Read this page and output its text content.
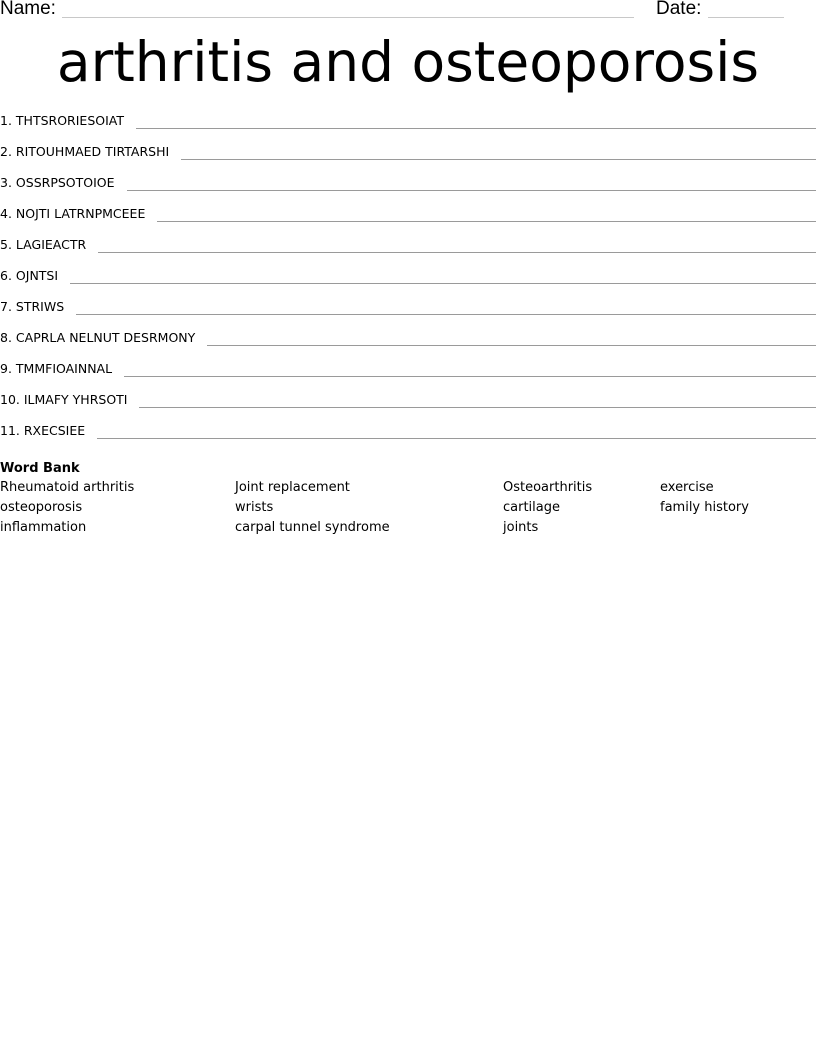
Name:	Date:
arthritis and osteoporosis
1. THTSRORIESOIAT
2. RITOUHMAED TIRTARSHI
3. OSSRPSOTOIOE
4. NOJTI LATRNPMCEEE
5. LAGIEACTR
6. OJNTSI
7. STRIWS
8. CAPRLA NELNUT DESRMONY
9. TMMFIOAINNAL
10. ILMAFY YHRSOTI
11. RXECSIEE
Word Bank
Rheumatoid arthritis
osteoporosis
inflammation
Joint replacement
wrists
carpal tunnel syndrome
Osteoarthritis
cartilage
joints
exercise
family history
